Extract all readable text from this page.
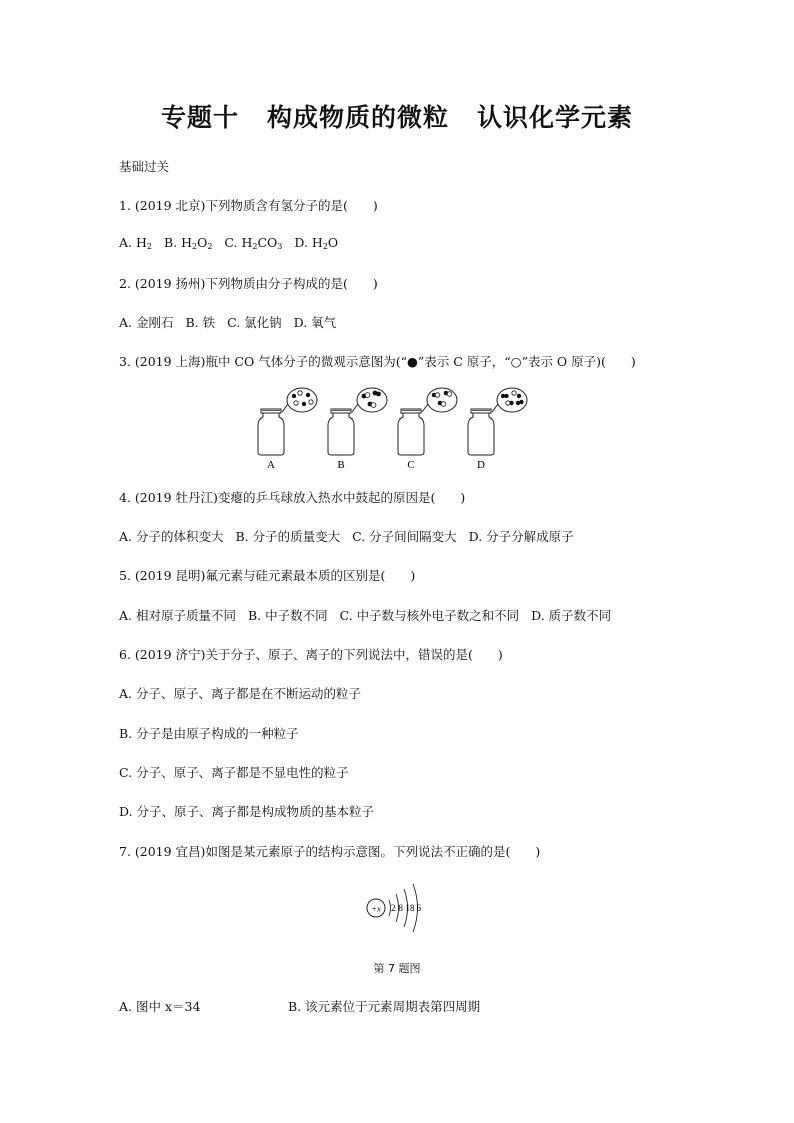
专题十 构成物质的微粒 认识化学元素
基础过关
1. (2019 北京)下列物质含有氢分子的是(　　)
A. $H_2$ B. $H_2O_2$ C. $H_2CO_3$ D. $H_2O$
2. (2019 扬州)下列物质由分子构成的是(　　)
A. 金刚石 B. 铁 C. 氯化钠 D. 氧气
3. (2019 上海)瓶中 CO 气体分子的微观示意图为(“●”表示 C 原子，“○”表示 O 原子)(　　)
A	B	C	D
4. (2019 牡丹江)变瘪的乒乓球放入热水中鼓起的原因是(　　)
A. 分子的体积变大 B. 分子的质量变大 C. 分子间间隔变大 D. 分子分解成原子
5. (2019 昆明)氟元素与硅元素最本质的区别是(　　)
A. 相对原子质量不同 B. 中子数不同 C. 中子数与核外电子数之和不同 D. 质子数不同
6. (2019 济宁)关于分子、原子、离子的下列说法中，错误的是(　　)
A. 分子、原子、离子都是在不断运动的粒子
B. 分子是由原子构成的一种粒子
C. 分子、原子、离子都是不显电性的粒子
D. 分子、原子、离子都是构成物质的基本粒子
7. (2019 宜昌)如图是某元素原子的结构示意图。下列说法不正确的是(　　)
+x 2 8 18 6
第 7 题图
A. 图中 x＝34	B. 该元素位于元素周期表第四周期
